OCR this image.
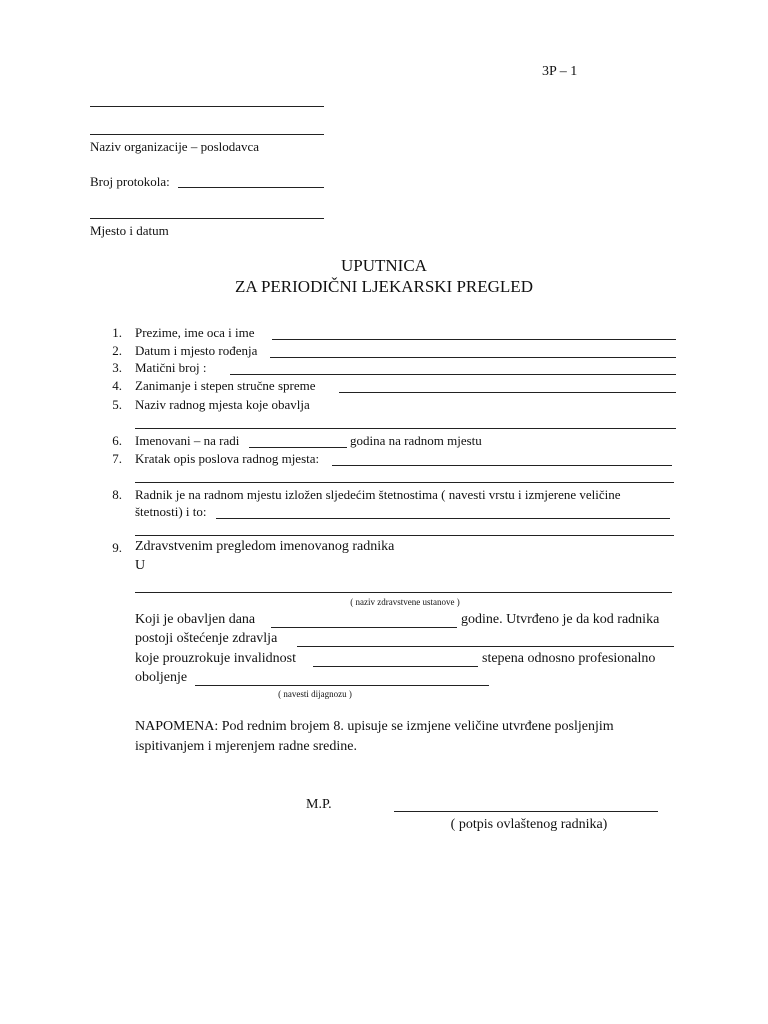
3P – 1
Naziv organizacije – poslodavca
Broj protokola:
Mjesto i datum
UPUTNICA
ZA PERIODIČNI LJEKARSKI PREGLED
1. Prezime, ime oca i ime
2. Datum i mjesto rođenja
3. Matični broj :
4. Zanimanje i stepen stručne spreme
5. Naziv radnog mjesta koje obavlja
6. Imenovani – na radi	godina na radnom mjestu
7. Kratak opis poslova radnog mjesta:
8. Radnik je na radnom mjestu izložen sljedećim štetnostima ( navesti vrstu i izmjerene veličine
štetnosti) i to:
9. Zdravstvenim pregledom imenovanog radnika
U
( naziv zdravstvene ustanove )
Koji je obavljen dana	godine. Utvrđeno je da kod radnika
postoji oštećenje zdravlja
koje prouzrokuje invalidnost	stepena odnosno profesionalno
oboljenje
( navesti dijagnozu )
NAPOMENA: Pod rednim brojem 8. upisuje se izmjene veličine utvrđene posljenjim
ispitivanjem i mjerenjem radne sredine.
M.P.
( potpis ovlaštenog radnika)
